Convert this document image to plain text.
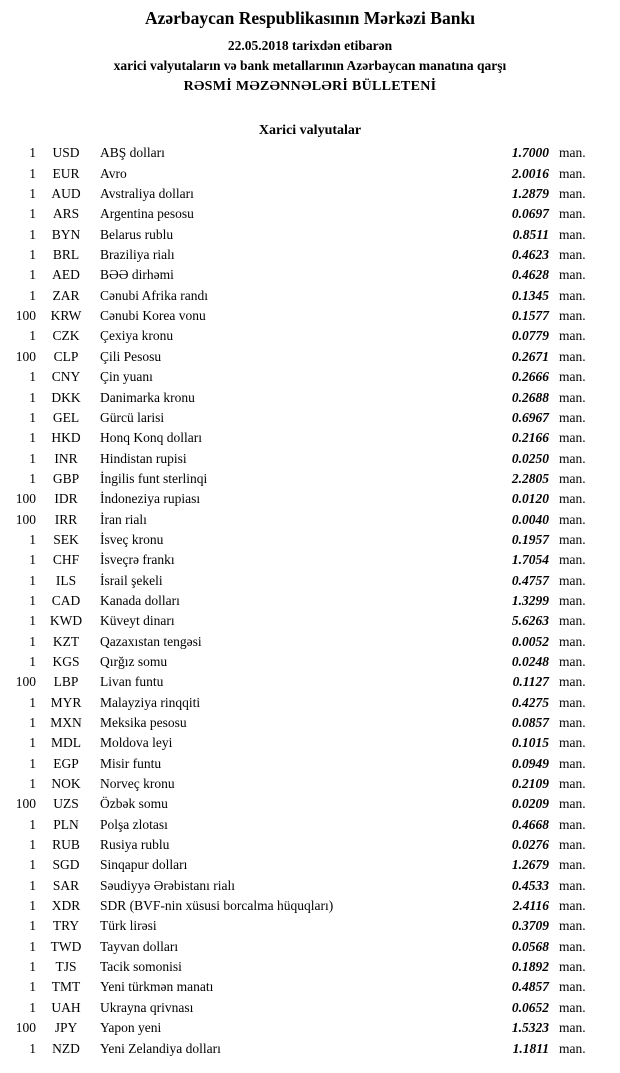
Azərbaycan Respublikasının Mərkəzi Bankı
22.05.2018 tarixdən etibarən
xarici valyutaların və bank metallarının Azərbaycan manatına qarşı
RƏSMİ MƏZƏNNƏLƏRİ BÜLLETENİ
Xarici valyutalar
1	USD	ABŞ dolları	1.7000 man.
1	EUR	Avro	2.0016 man.
1	AUD	Avstraliya dolları	1.2879 man.
1	ARS	Argentina pesosu	0.0697 man.
1	BYN	Belarus rublu	0.8511 man.
1	BRL	Braziliya rialı	0.4623 man.
1	AED	BƏƏ dirhəmi	0.4628 man.
1	ZAR	Cənubi Afrika randı	0.1345 man.
100	KRW	Cənubi Korea vonu	0.1577 man.
1	CZK	Çexiya kronu	0.0779 man.
100	CLP	Çili Pesosu	0.2671 man.
1	CNY	Çin yuanı	0.2666 man.
1	DKK	Danimarka kronu	0.2688 man.
1	GEL	Gürcü larisi	0.6967 man.
1	HKD	Honq Konq dolları	0.2166 man.
1	INR	Hindistan rupisi	0.0250 man.
1	GBP	İngilis funt sterlinqi	2.2805 man.
100	IDR	İndoneziya rupiası	0.0120 man.
100	IRR	İran rialı	0.0040 man.
1	SEK	İsveç kronu	0.1957 man.
1	CHF	İsveçrə frankı	1.7054 man.
1	ILS	İsrail şekeli	0.4757 man.
1	CAD	Kanada dolları	1.3299 man.
1	KWD	Küveyt dinarı	5.6263 man.
1	KZT	Qazaxıstan tengəsi	0.0052 man.
1	KGS	Qırğız somu	0.0248 man.
100	LBP	Livan funtu	0.1127 man.
1	MYR	Malayziya rinqqiti	0.4275 man.
1	MXN	Meksika pesosu	0.0857 man.
1	MDL	Moldova leyi	0.1015 man.
1	EGP	Misir funtu	0.0949 man.
1	NOK	Norveç kronu	0.2109 man.
100	UZS	Özbək somu	0.0209 man.
1	PLN	Polşa zlotası	0.4668 man.
1	RUB	Rusiya rublu	0.0276 man.
1	SGD	Sinqapur dolları	1.2679 man.
1	SAR	Səudiyyə Ərəbistanı rialı	0.4533 man.
1	XDR	SDR (BVF-nin xüsusi borcalma hüquqları)	2.4116 man.
1	TRY	Türk lirəsi	0.3709 man.
1	TWD	Tayvan dolları	0.0568 man.
1	TJS	Tacik somonisi	0.1892 man.
1	TMT	Yeni türkmən manatı	0.4857 man.
1	UAH	Ukrayna qrivnası	0.0652 man.
100	JPY	Yapon yeni	1.5323 man.
1	NZD	Yeni Zelandiya dolları	1.1811 man.
